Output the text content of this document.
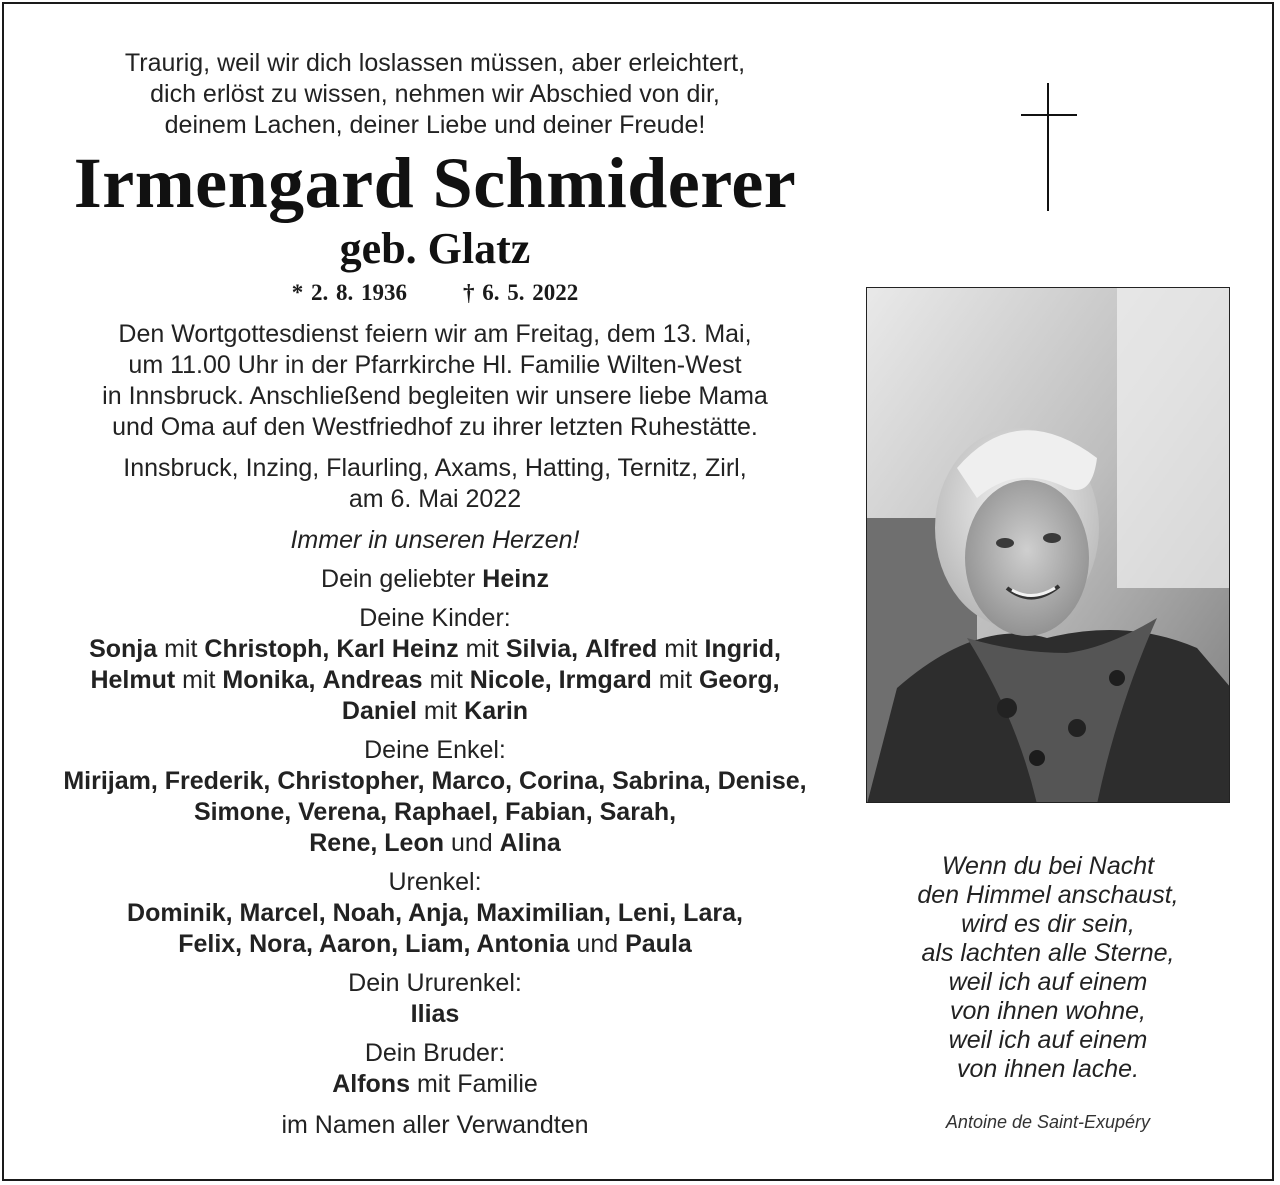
Traurig, weil wir dich loslassen müssen, aber erleichtert,
dich erlöst zu wissen, nehmen wir Abschied von dir,
deinem Lachen, deiner Liebe und deiner Freude!
Irmengard Schmiderer
geb. Glatz
* 2. 8. 1936 † 6. 5. 2022
Den Wortgottesdienst feiern wir am Freitag, dem 13. Mai,
um 11.00 Uhr in der Pfarrkirche Hl. Familie Wilten-West
in Innsbruck. Anschließend begleiten wir unsere liebe Mama
und Oma auf den Westfriedhof zu ihrer letzten Ruhestätte.
Innsbruck, Inzing, Flaurling, Axams, Hatting, Ternitz, Zirl,
am 6. Mai 2022
Immer in unseren Herzen!
Dein geliebter Heinz
Deine Kinder:
Sonja mit Christoph, Karl Heinz mit Silvia, Alfred mit Ingrid,
Helmut mit Monika, Andreas mit Nicole, Irmgard mit Georg,
Daniel mit Karin
Deine Enkel:
Mirijam, Frederik, Christopher, Marco, Corina, Sabrina, Denise,
Simone, Verena, Raphael, Fabian, Sarah,
Rene, Leon und Alina
Urenkel:
Dominik, Marcel, Noah, Anja, Maximilian, Leni, Lara,
Felix, Nora, Aaron, Liam, Antonia und Paula
Dein Ururenkel:
Ilias
Dein Bruder:
Alfons mit Familie
im Namen aller Verwandten
Wenn du bei Nacht
den Himmel anschaust,
wird es dir sein,
als lachten alle Sterne,
weil ich auf einem
von ihnen wohne,
weil ich auf einem
von ihnen lache.
Antoine de Saint-Exupéry
